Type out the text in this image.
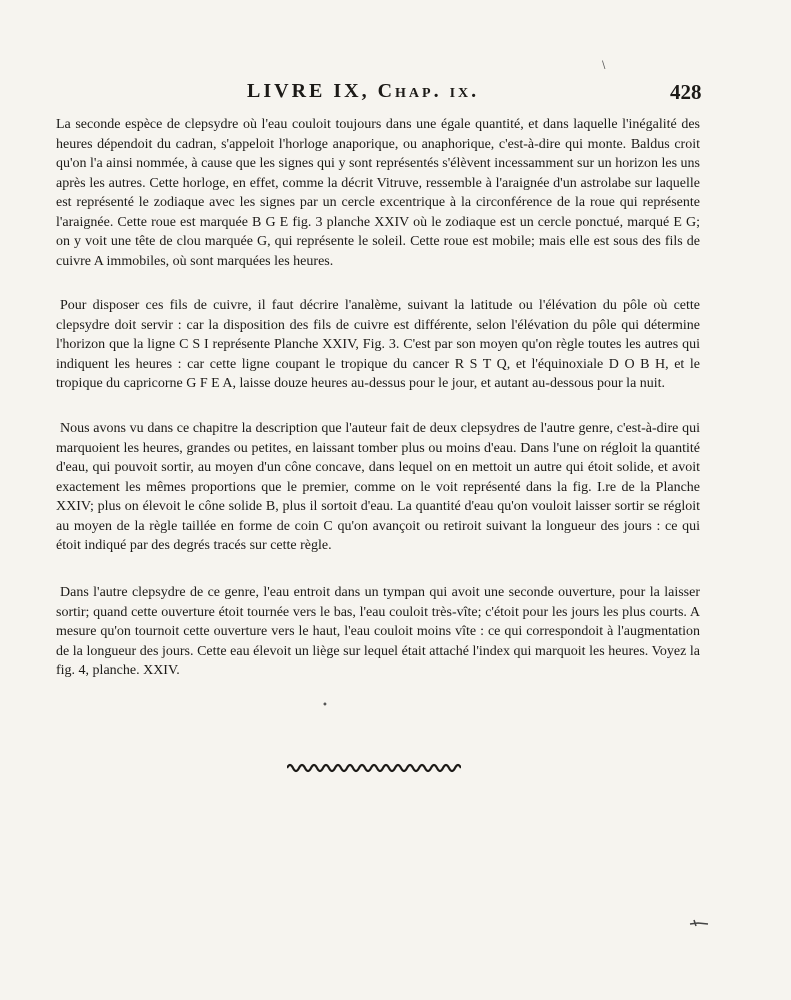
LIVRE IX, Chap. ix.	428

La seconde espèce de clepsydre où l'eau couloit toujours dans une égale quantité, et dans laquelle l'inégalité des heures dépendoit du cadran, s'appeloit l'horloge anaporique, ou anaphorique, c'est-à-dire qui monte. Baldus croit qu'on l'a ainsi nommée, à cause que les signes qui y sont représentés s'élèvent incessamment sur un horizon les uns après les autres. Cette horloge, en effet, comme la décrit Vitruve, ressemble à l'araignée d'un astrolabe sur laquelle est représenté le zodiaque avec les signes par un cercle excentrique à la circonférence de la roue qui représente l'araignée. Cette roue est marquée B G E fig. 3 planche XXIV où le zodiaque est un cercle ponctué, marqué E G; on y voit une tête de clou marquée G, qui représente le soleil. Cette roue est mobile; mais elle est sous des fils de cuivre A immobiles, où sont marquées les heures.

Pour disposer ces fils de cuivre, il faut décrire l'analème, suivant la latitude ou l'élévation du pôle où cette clepsydre doit servir : car la disposition des fils de cuivre est différente, selon l'élévation du pôle qui détermine l'horizon que la ligne C S I représente Planche XXIV, Fig. 3. C'est par son moyen qu'on règle toutes les autres qui indiquent les heures : car cette ligne coupant le tropique du cancer R S T Q, et l'équinoxiale D O B H, et le tropique du capricorne G F E A, laisse douze heures au-dessus pour le jour, et autant au-dessous pour la nuit.

Nous avons vu dans ce chapitre la description que l'auteur fait de deux clepsydres de l'autre genre, c'est-à-dire qui marquoient les heures, grandes ou petites, en laissant tomber plus ou moins d'eau. Dans l'une on régloit la quantité d'eau, qui pouvoit sortir, au moyen d'un cône concave, dans lequel on en mettoit un autre qui étoit solide, et avoit exactement les mêmes proportions que le premier, comme on le voit représenté dans la fig. I.re de la Planche XXIV; plus on élevoit le cône solide B, plus il sortoit d'eau. La quantité d'eau qu'on vouloit laisser sortir se régloit au moyen de la règle taillée en forme de coin C qu'on avançoit ou retiroit suivant la longueur des jours : ce qui étoit indiqué par des degrés tracés sur cette règle.

Dans l'autre clepsydre de ce genre, l'eau entroit dans un tympan qui avoit une seconde ouverture, pour la laisser sortir; quand cette ouverture étoit tournée vers le bas, l'eau couloit très-vîte; c'étoit pour les jours les plus courts. A mesure qu'on tournoit cette ouverture vers le haut, l'eau couloit moins vîte : ce qui correspondoit à l'augmentation de la longueur des jours. Cette eau élevoit un liège sur lequel était attaché l'index qui marquoit les heures. Voyez la fig. 4, planche. XXIV.

\
•
